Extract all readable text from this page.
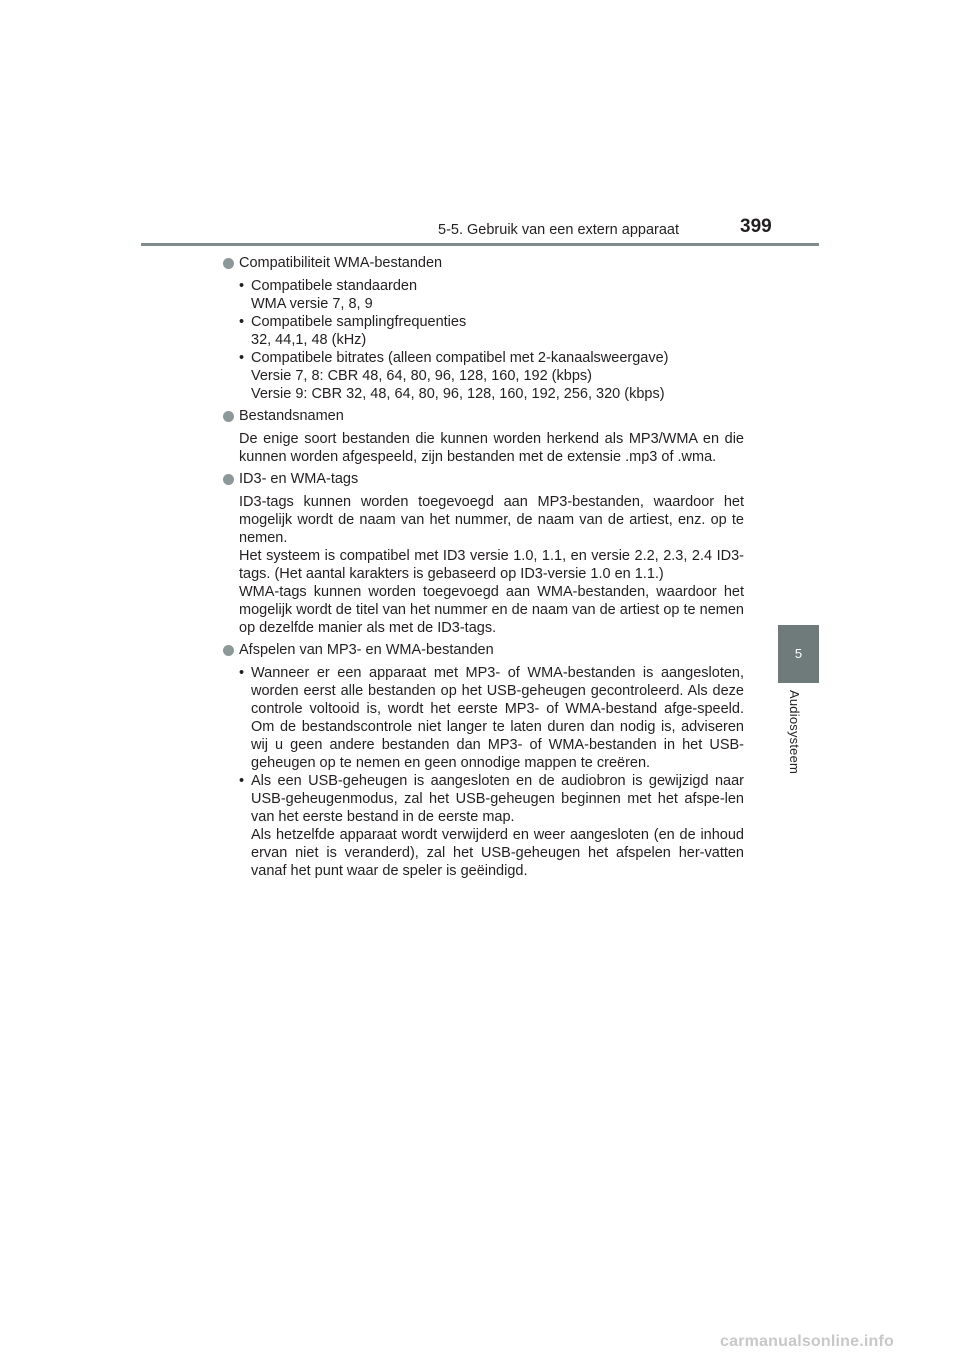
5-5. Gebruik van een extern apparaat	399
5
Audiosysteem
Compatibiliteit WMA-bestanden
• Compatibele standaarden
WMA versie 7, 8, 9
• Compatibele samplingfrequenties
32, 44,1, 48 (kHz)
• Compatibele bitrates (alleen compatibel met 2-kanaalsweergave)
Versie 7, 8: CBR 48, 64, 80, 96, 128, 160, 192 (kbps)
Versie 9: CBR 32, 48, 64, 80, 96, 128, 160, 192, 256, 320 (kbps)
Bestandsnamen

De enige soort bestanden die kunnen worden herkend als MP3/WMA en die kunnen worden afgespeeld, zijn bestanden met de extensie .mp3 of .wma.

ID3- en WMA-tags

ID3-tags kunnen worden toegevoegd aan MP3-bestanden, waardoor het mogelijk wordt de naam van het nummer, de naam van de artiest, enz. op te nemen.

Het systeem is compatibel met ID3 versie 1.0, 1.1, en versie 2.2, 2.3, 2.4 ID3-tags. (Het aantal karakters is gebaseerd op ID3-versie 1.0 en 1.1.)

WMA-tags kunnen worden toegevoegd aan WMA-bestanden, waardoor het mogelijk wordt de titel van het nummer en de naam van de artiest op te nemen op dezelfde manier als met de ID3-tags.

Afspelen van MP3- en WMA-bestanden
• Wanneer er een apparaat met MP3- of WMA-bestanden is aangesloten, worden eerst alle bestanden op het USB-geheugen gecontroleerd. Als deze controle voltooid is, wordt het eerste MP3- of WMA-bestand afge-speeld. Om de bestandscontrole niet langer te laten duren dan nodig is, adviseren wij u geen andere bestanden dan MP3- of WMA-bestanden in het USB-geheugen op te nemen en geen onnodige mappen te creëren.
• Als een USB-geheugen is aangesloten en de audiobron is gewijzigd naar USB-geheugenmodus, zal het USB-geheugen beginnen met het afspe-len van het eerste bestand in de eerste map.
Als hetzelfde apparaat wordt verwijderd en weer aangesloten (en de inhoud ervan niet is veranderd), zal het USB-geheugen het afspelen her-vatten vanaf het punt waar de speler is geëindigd.
carmanualsonline.info
